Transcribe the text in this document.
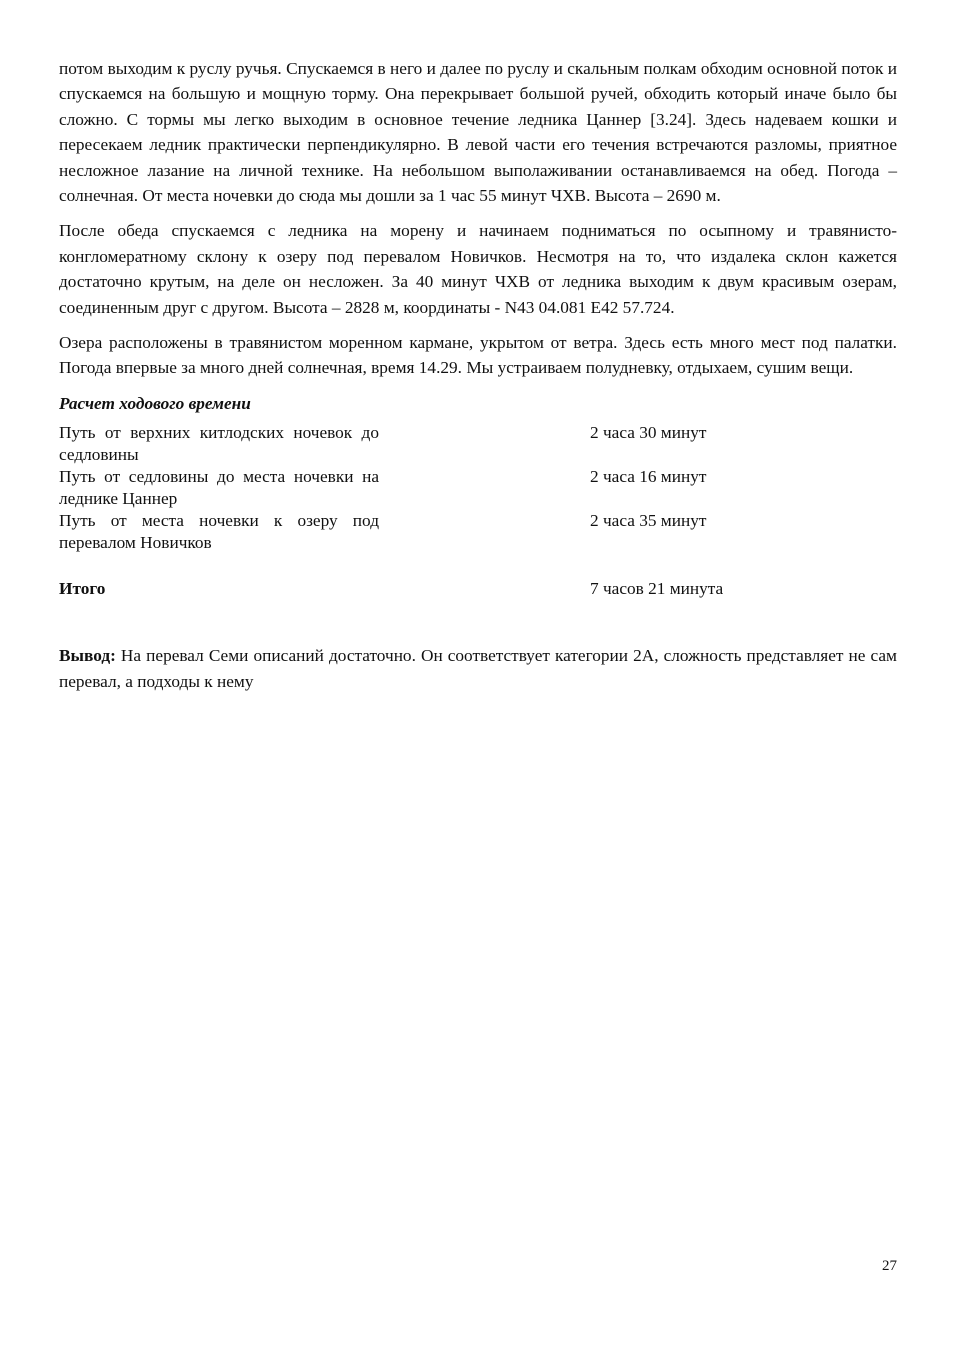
потом выходим к руслу ручья. Спускаемся в него и далее по руслу и скальным полкам обходим основной поток и спускаемся на большую и мощную торму. Она перекрывает большой ручей, обходить который иначе было бы сложно. С тормы мы легко выходим в основное течение ледника Цаннер [3.24]. Здесь надеваем кошки и пересекаем ледник практически перпендикулярно. В левой части его течения встречаются разломы, приятное несложное лазание на личной технике. На небольшом выполаживании останавливаемся на обед. Погода – солнечная. От места ночевки до сюда мы дошли за 1 час 55 минут ЧХВ. Высота – 2690 м.

После обеда спускаемся с ледника на морену и начинаем подниматься по осыпному и травянисто-конгломератному склону к озеру под перевалом Новичков. Несмотря на то, что издалека склон кажется достаточно крутым, на деле он несложен. За 40 минут ЧХВ от ледника выходим к двум красивым озерам, соединенным друг с другом. Высота – 2828 м, координаты - N43 04.081 E42 57.724.

Озера расположены в травянистом моренном кармане, укрытом от ветра. Здесь есть много мест под палатки. Погода впервые за много дней солнечная, время 14.29. Мы устраиваем полудневку, отдыхаем, сушим вещи.

Расчет ходового времени
Путь от верхних китлодских ночевок до седловины		2 часа 30 минут
Путь от седловины до места ночевки на леднике Цаннер		2 часа 16 минут
Путь от места ночевки к озеру под перевалом Новичков		2 часа 35 минут
Итого	7 часов 21 минута

Вывод: На перевал Семи описаний достаточно. Он соответствует категории 2А, сложность представляет не сам перевал, а подходы к нему

27
